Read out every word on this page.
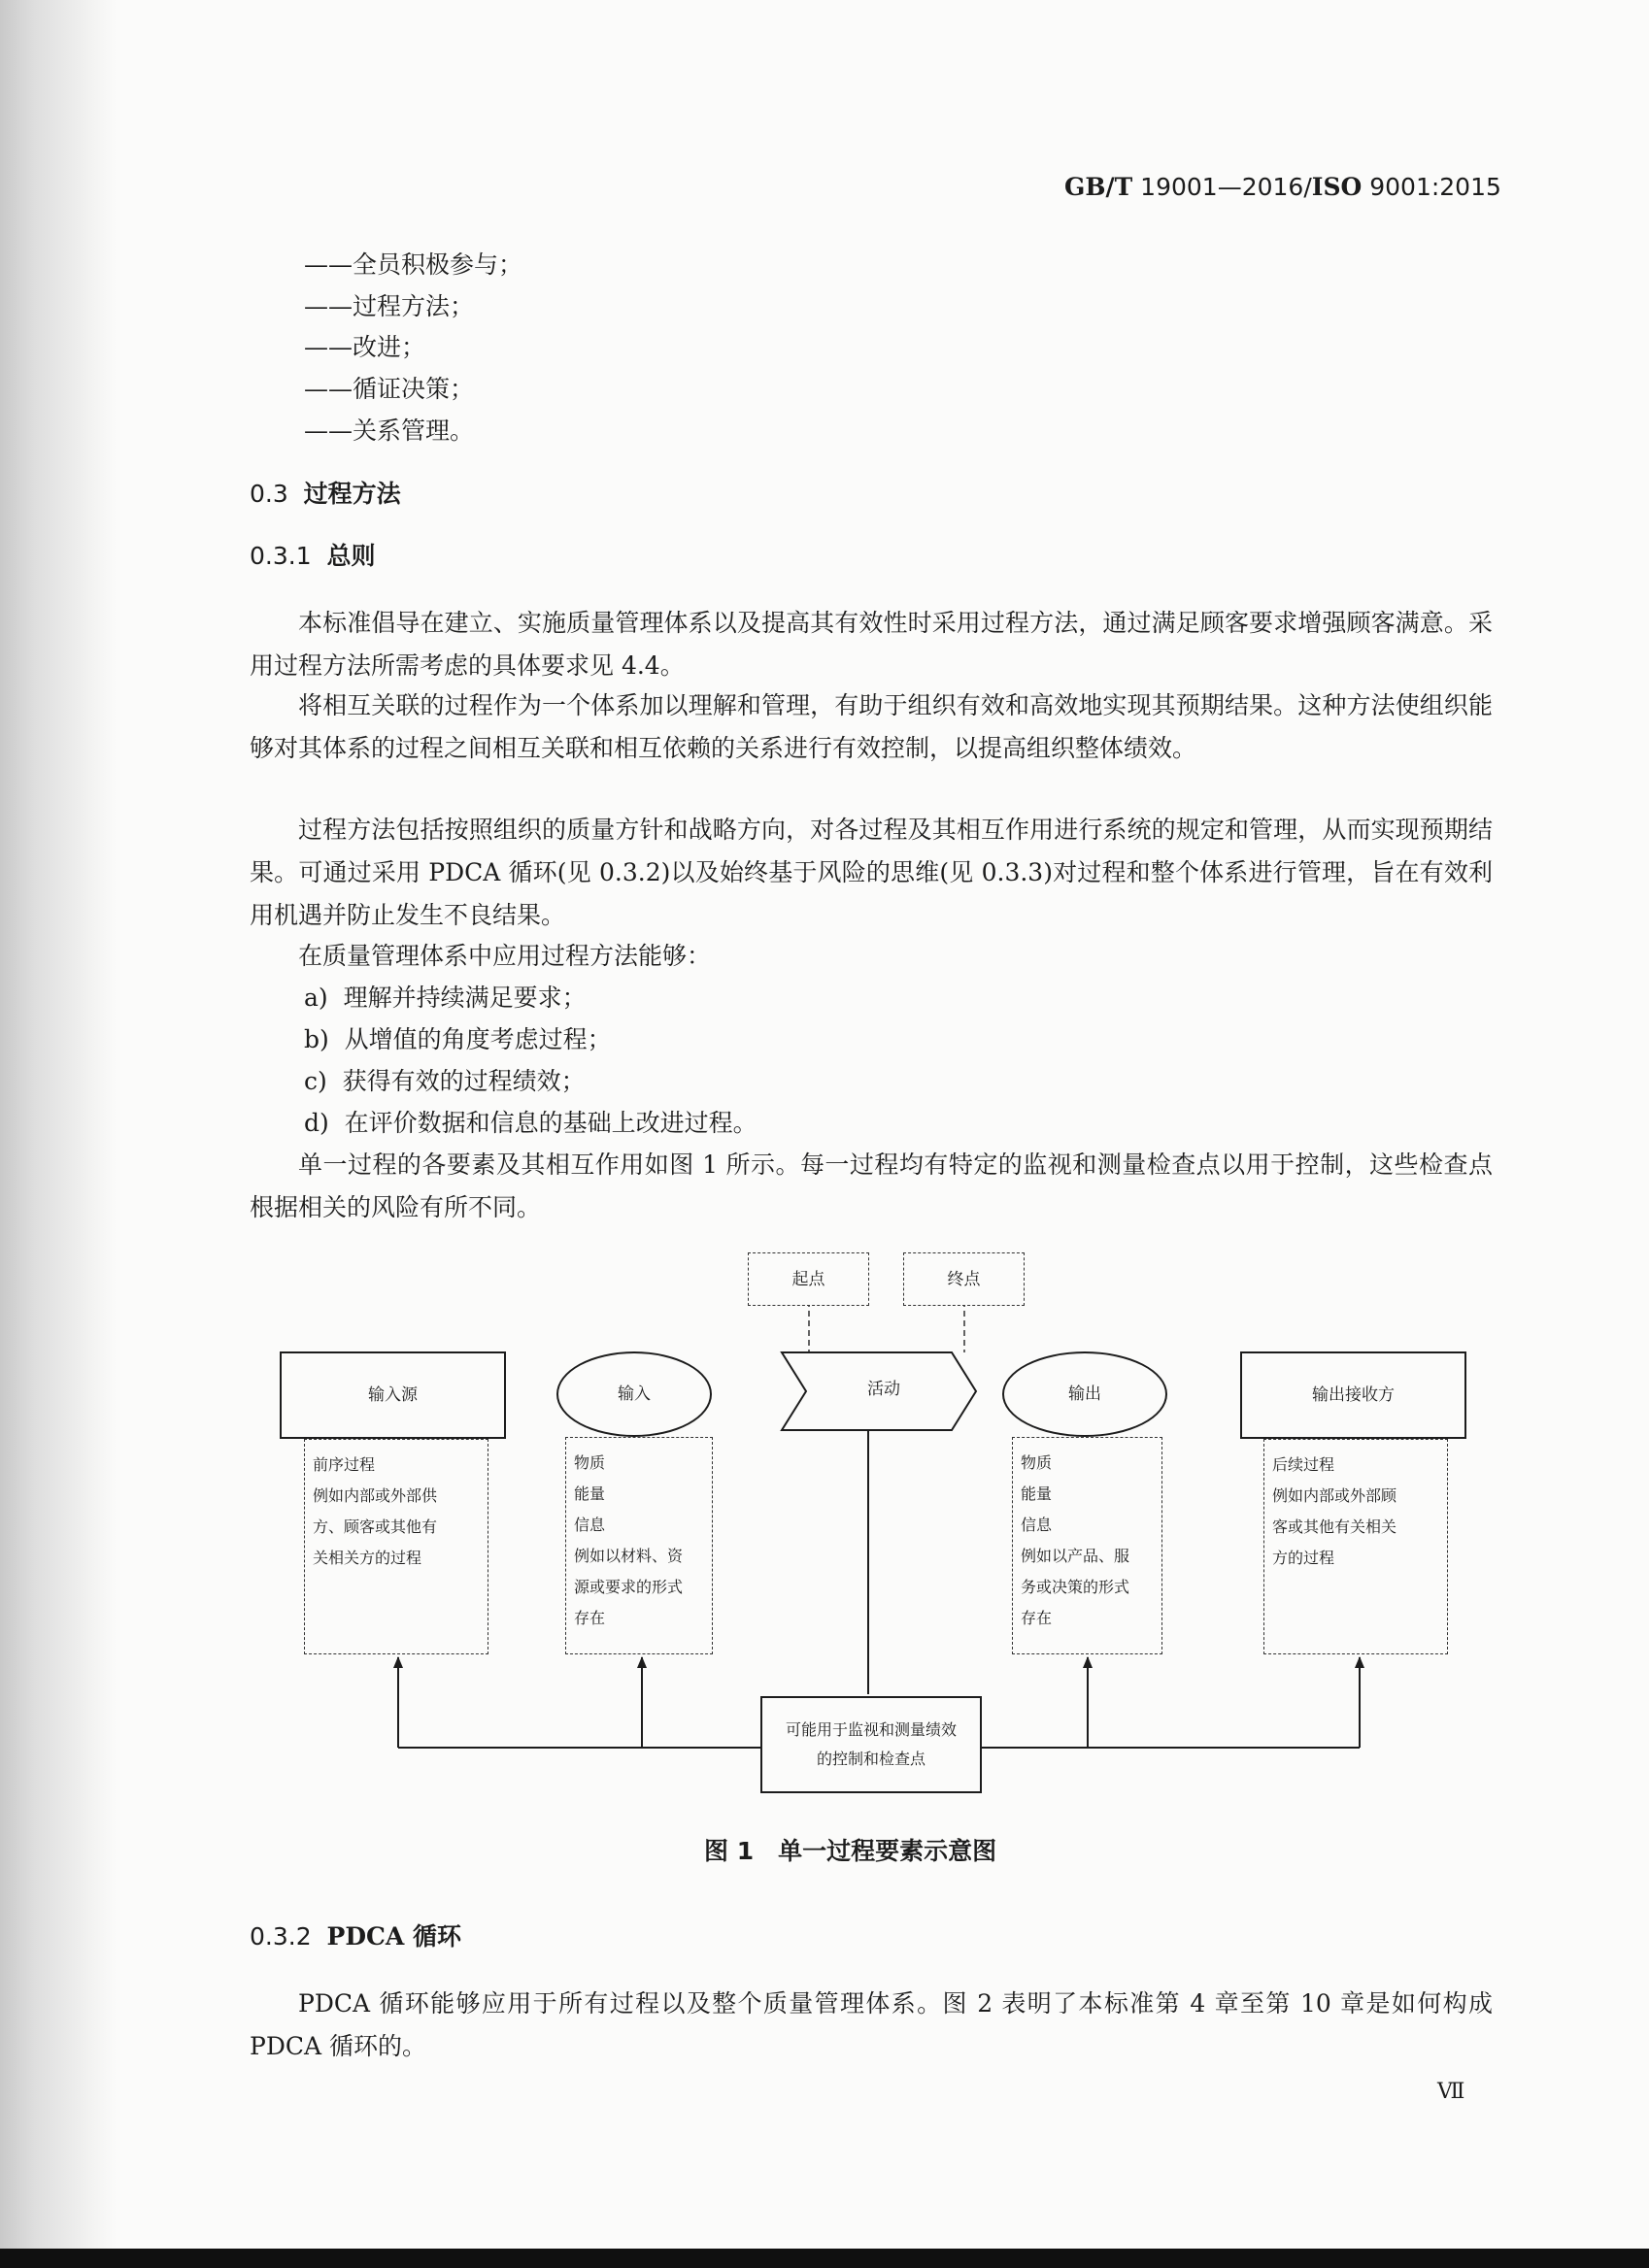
GB/T 19001—2016/ISO 9001:2015
——全员积极参与；
——过程方法；
——改进；
——循证决策；
——关系管理。
0.3 过程方法
0.3.1 总则
本标准倡导在建立、实施质量管理体系以及提高其有效性时采用过程方法，通过满足顾客要求增强顾客满意。采用过程方法所需考虑的具体要求见 4.4。
将相互关联的过程作为一个体系加以理解和管理，有助于组织有效和高效地实现其预期结果。这种方法使组织能够对其体系的过程之间相互关联和相互依赖的关系进行有效控制，以提高组织整体绩效。
过程方法包括按照组织的质量方针和战略方向，对各过程及其相互作用进行系统的规定和管理，从而实现预期结果。可通过采用 PDCA 循环(见 0.3.2)以及始终基于风险的思维(见 0.3.3)对过程和整个体系进行管理，旨在有效利用机遇并防止发生不良结果。
在质量管理体系中应用过程方法能够：
a) 理解并持续满足要求；
b) 从增值的角度考虑过程；
c) 获得有效的过程绩效；
d) 在评价数据和信息的基础上改进过程。
单一过程的各要素及其相互作用如图 1 所示。每一过程均有特定的监视和测量检查点以用于控制，这些检查点根据相关的风险有所不同。
起点	终点
活动
输入源
前序过程
例如内部或外部供
方、顾客或其他有
关相关方的过程
输入
物质
能量
信息
例如以材料、资
源或要求的形式
存在
输出
物质
能量
信息
例如以产品、服
务或决策的形式
存在
输出接收方
后续过程
例如内部或外部顾
客或其他有关相关
方的过程
可能用于监视和测量绩效
的控制和检查点
图 1　单一过程要素示意图
0.3.2 PDCA 循环
PDCA 循环能够应用于所有过程以及整个质量管理体系。图 2 表明了本标准第 4 章至第 10 章是如何构成 PDCA 循环的。
Ⅶ
